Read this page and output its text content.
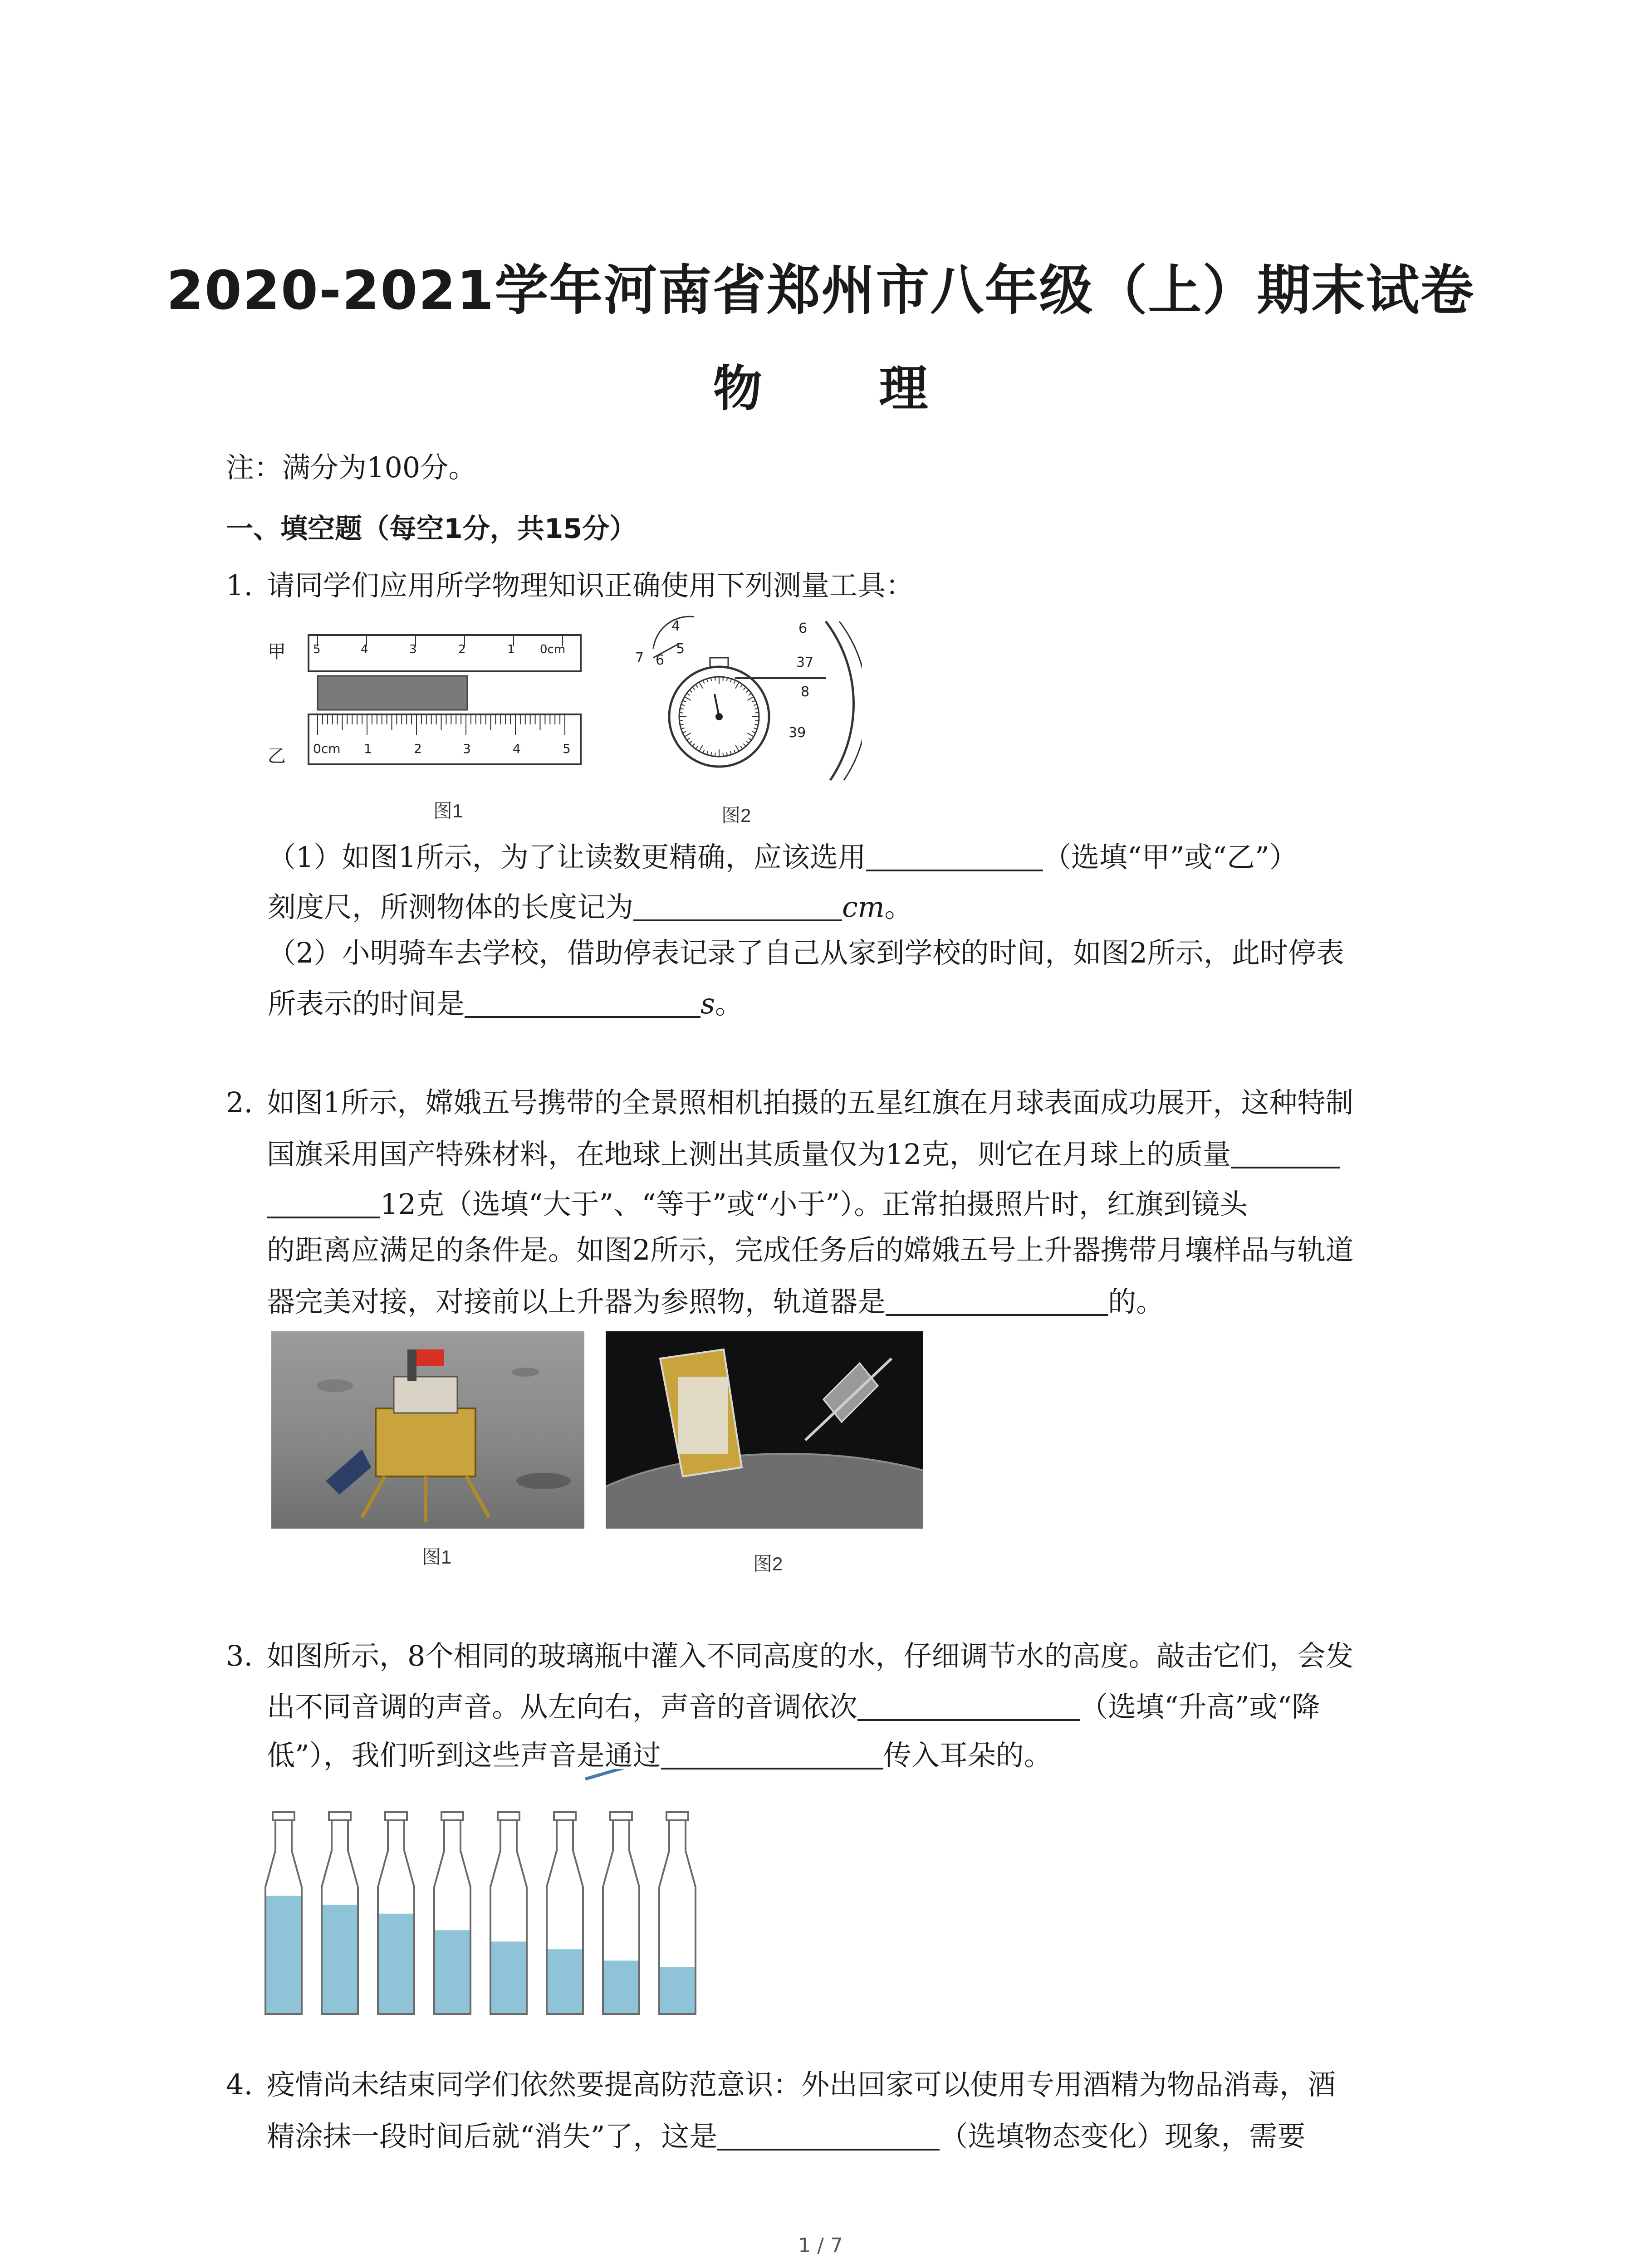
2020-2021学年河南省郑州市八年级（上）期末试卷
物 理
注：满分为100分。
一、填空题（每空1分，共15分）
1. 请同学们应用所学物理知识正确使用下列测量工具：
甲 5	4	3	2	1 0cm
乙 0cm 1	2	3	4	5
图1
4
5
6
7
6
37
8
39
图2
（1）如图1所示，为了让读数更精确，应该选用	（选填“甲”或“乙”）
刻度尺，所测物体的长度记为	cm。
（2）小明骑车去学校，借助停表记录了自己从家到学校的时间，如图2所示，此时停表
所表示的时间是	s。
2. 如图1所示，嫦娥五号携带的全景照相机拍摄的五星红旗在月球表面成功展开，这种特制
国旗采用国产特殊材料，在地球上测出其质量仅为12克，则它在月球上的质量
12克（选填“大于”、“等于”或“小于”）。正常拍摄照片时，红旗到镜头
的距离应满足的条件是。如图2所示，完成任务后的嫦娥五号上升器携带月壤样品与轨道
器完美对接，对接前以上升器为参照物，轨道器是	的。
图1	图2
3. 如图所示，8个相同的玻璃瓶中灌入不同高度的水，仔细调节水的高度。敲击它们，会发
出不同音调的声音。从左向右，声音的音调依次	（选填“升高”或“降
低”），我们听到这些声音是通过	传入耳朵的。
4. 疫情尚未结束同学们依然要提高防范意识：外出回家可以使用专用酒精为物品消毒，酒
精涂抹一段时间后就“消失”了，这是	（选填物态变化）现象，需要
1 / 7
